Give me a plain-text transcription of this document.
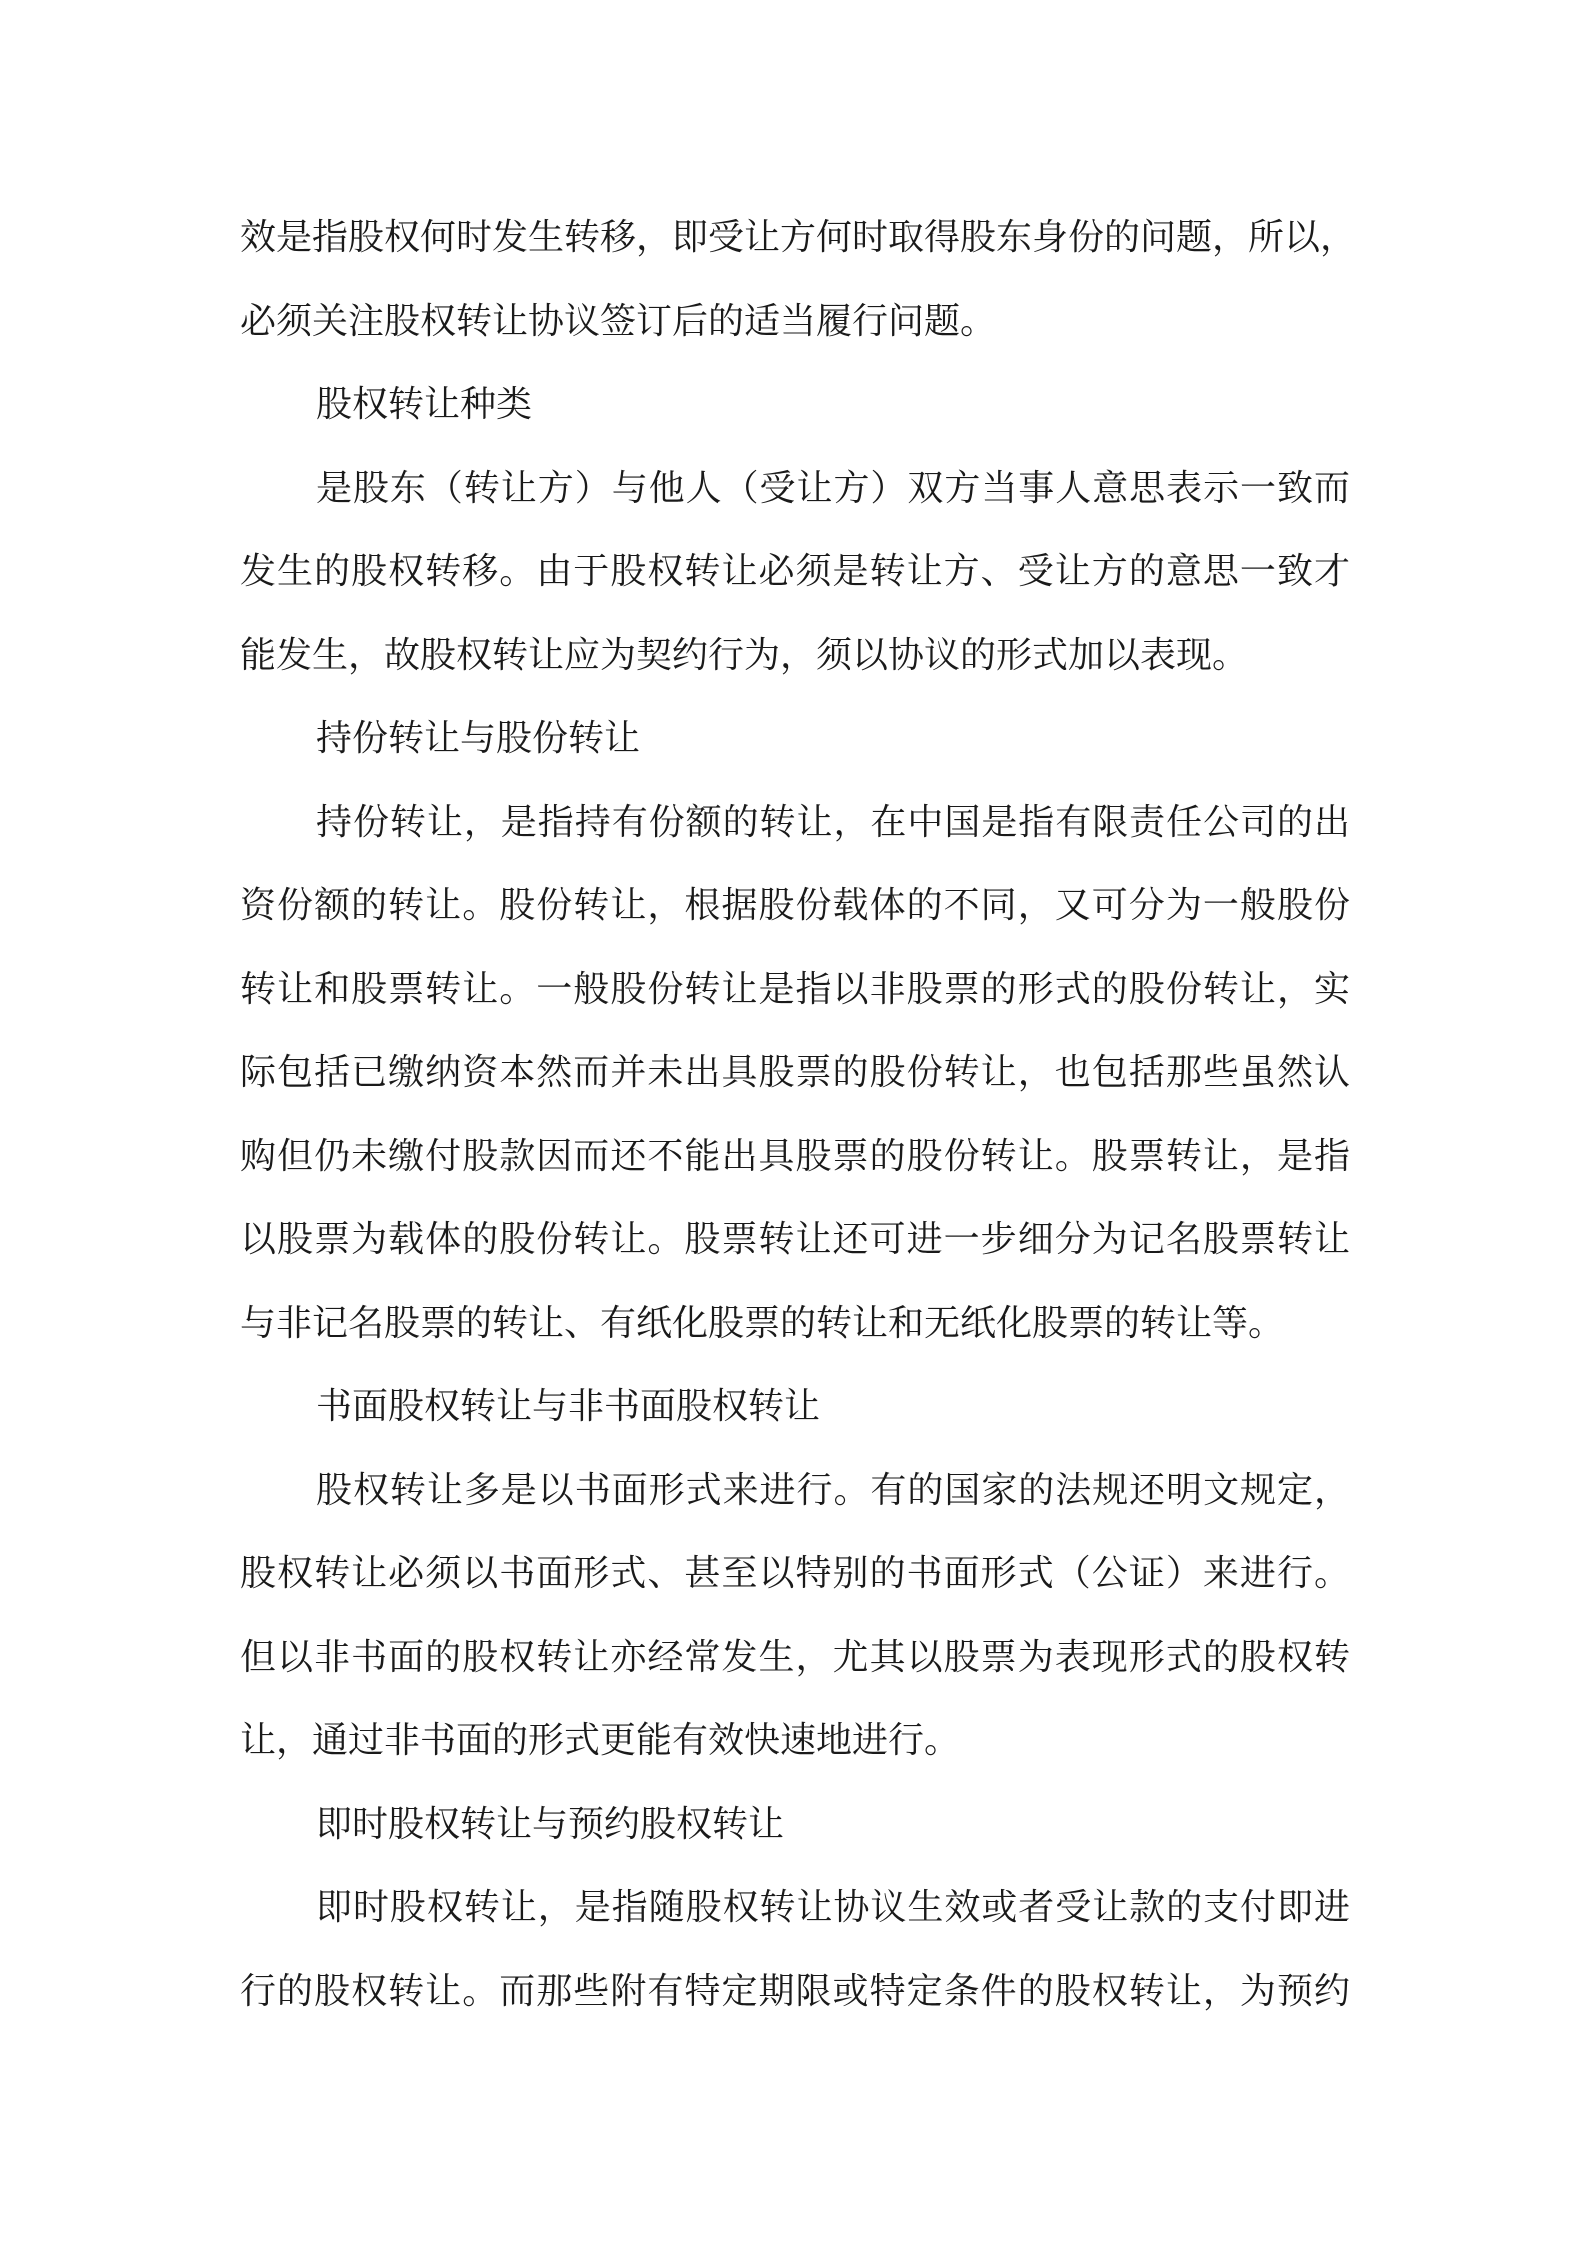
效是指股权何时发生转移，即受让方何时取得股东身份的问题，所以，
必须关注股权转让协议签订后的适当履行问题。
股权转让种类
是股东（转让方）与他人（受让方）双方当事人意思表示一致而
发生的股权转移。由于股权转让必须是转让方、受让方的意思一致才
能发生，故股权转让应为契约行为，须以协议的形式加以表现。
持份转让与股份转让
持份转让，是指持有份额的转让，在中国是指有限责任公司的出
资份额的转让。股份转让，根据股份载体的不同，又可分为一般股份
转让和股票转让。一般股份转让是指以非股票的形式的股份转让，实
际包括已缴纳资本然而并未出具股票的股份转让，也包括那些虽然认
购但仍未缴付股款因而还不能出具股票的股份转让。股票转让，是指
以股票为载体的股份转让。股票转让还可进一步细分为记名股票转让
与非记名股票的转让、有纸化股票的转让和无纸化股票的转让等。
书面股权转让与非书面股权转让
股权转让多是以书面形式来进行。有的国家的法规还明文规定，
股权转让必须以书面形式、甚至以特别的书面形式（公证）来进行。
但以非书面的股权转让亦经常发生，尤其以股票为表现形式的股权转
让，通过非书面的形式更能有效快速地进行。
即时股权转让与预约股权转让
即时股权转让，是指随股权转让协议生效或者受让款的支付即进
行的股权转让。而那些附有特定期限或特定条件的股权转让，为预约
